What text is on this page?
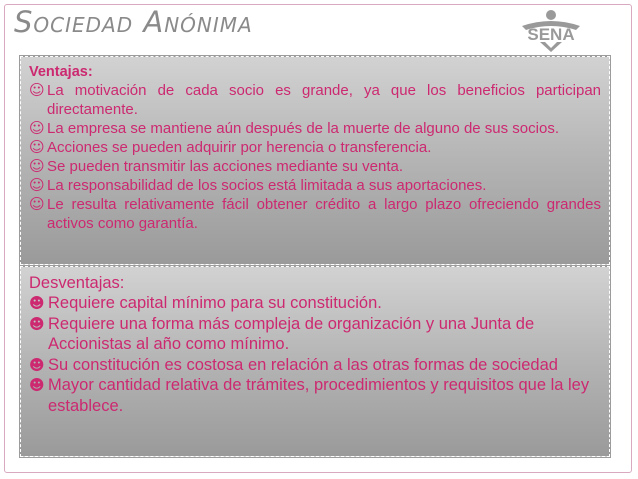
Sociedad Anónima	SENA
Ventajas:
☺ La motivación de cada socio es grande, ya que los beneficios participan directamente.
☺ La empresa se mantiene aún después de la muerte de alguno de sus socios.
☺ Acciones se pueden adquirir por herencia o transferencia.
☺ Se pueden transmitir las acciones mediante su venta.
☺ La responsabilidad de los socios está limitada a sus aportaciones.
☺ Le resulta relativamente fácil obtener crédito a largo plazo ofreciendo grandes activos como garantía.
Desventajas:
☻ Requiere capital mínimo para su constitución.
☻ Requiere una forma más compleja de organización y una Junta de Accionistas al año como mínimo.
☻ Su constitución es costosa en relación a las otras formas de sociedad
☻ Mayor cantidad relativa de trámites, procedimientos y requisitos que la ley establece.
